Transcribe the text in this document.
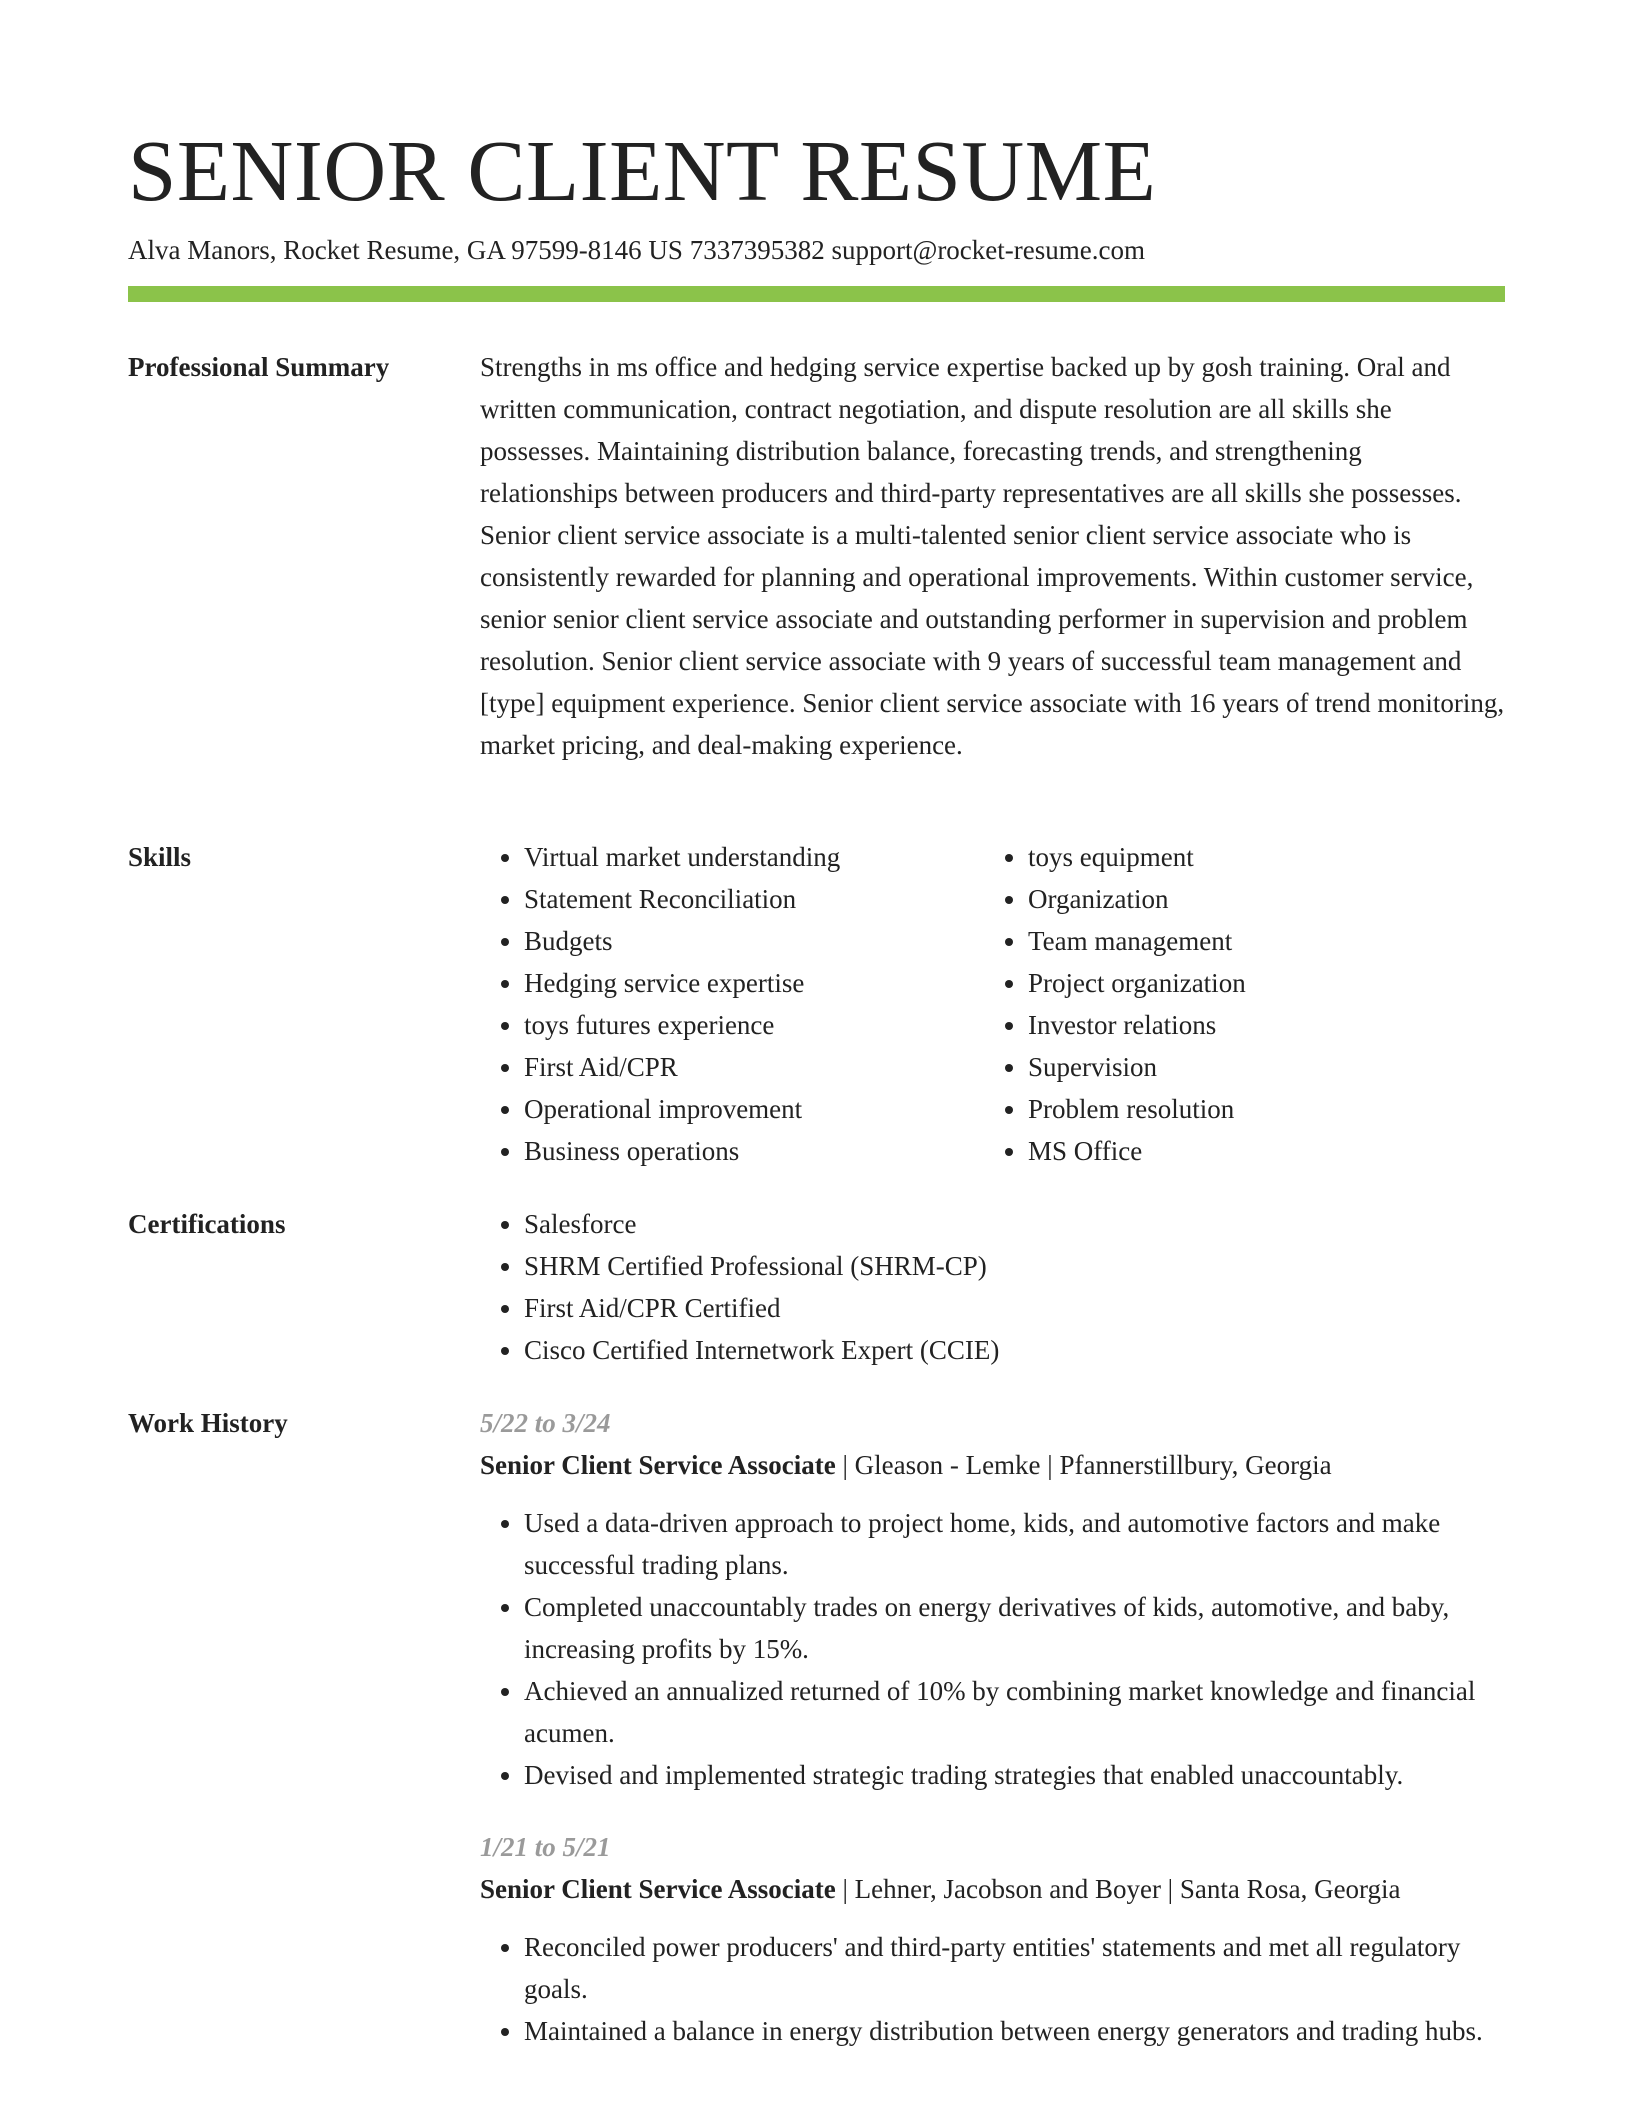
SENIOR CLIENT RESUME
Alva Manors, Rocket Resume, GA 97599-8146 US 7337395382 support@rocket-resume.com
Professional Summary	Strengths in ms office and hedging service expertise backed up by gosh training. Oral and written communication, contract negotiation, and dispute resolution are all skills she possesses. Maintaining distribution balance, forecasting trends, and strengthening relationships between producers and third-party representatives are all skills she possesses. Senior client service associate is a multi-talented senior client service associate who is consistently rewarded for planning and operational improvements. Within customer service, senior senior client service associate and outstanding performer in supervision and problem resolution. Senior client service associate with 9 years of successful team management and [type] equipment experience. Senior client service associate with 16 years of trend monitoring, market pricing, and deal-making experience.

Skills	• Virtual market understanding
• Statement Reconciliation
• Budgets
• Hedging service expertise
• toys futures experience
• First Aid/CPR
• Operational improvement
• Business operations
• toys equipment
• Organization
• Team management
• Project organization
• Investor relations
• Supervision
• Problem resolution
• MS Office
Certifications	• Salesforce
• SHRM Certified Professional (SHRM-CP)
• First Aid/CPR Certified
• Cisco Certified Internetwork Expert (CCIE)
Work History	5/22 to 3/24
Senior Client Service Associate | Gleason - Lemke | Pfannerstillbury, Georgia
• Used a data-driven approach to project home, kids, and automotive factors and make successful trading plans.
• Completed unaccountably trades on energy derivatives of kids, automotive, and baby, increasing profits by 15%.
• Achieved an annualized returned of 10% by combining market knowledge and financial acumen.
• Devised and implemented strategic trading strategies that enabled unaccountably.
1/21 to 5/21
Senior Client Service Associate | Lehner, Jacobson and Boyer | Santa Rosa, Georgia
• Reconciled power producers' and third-party entities' statements and met all regulatory goals.
• Maintained a balance in energy distribution between energy generators and trading hubs.
